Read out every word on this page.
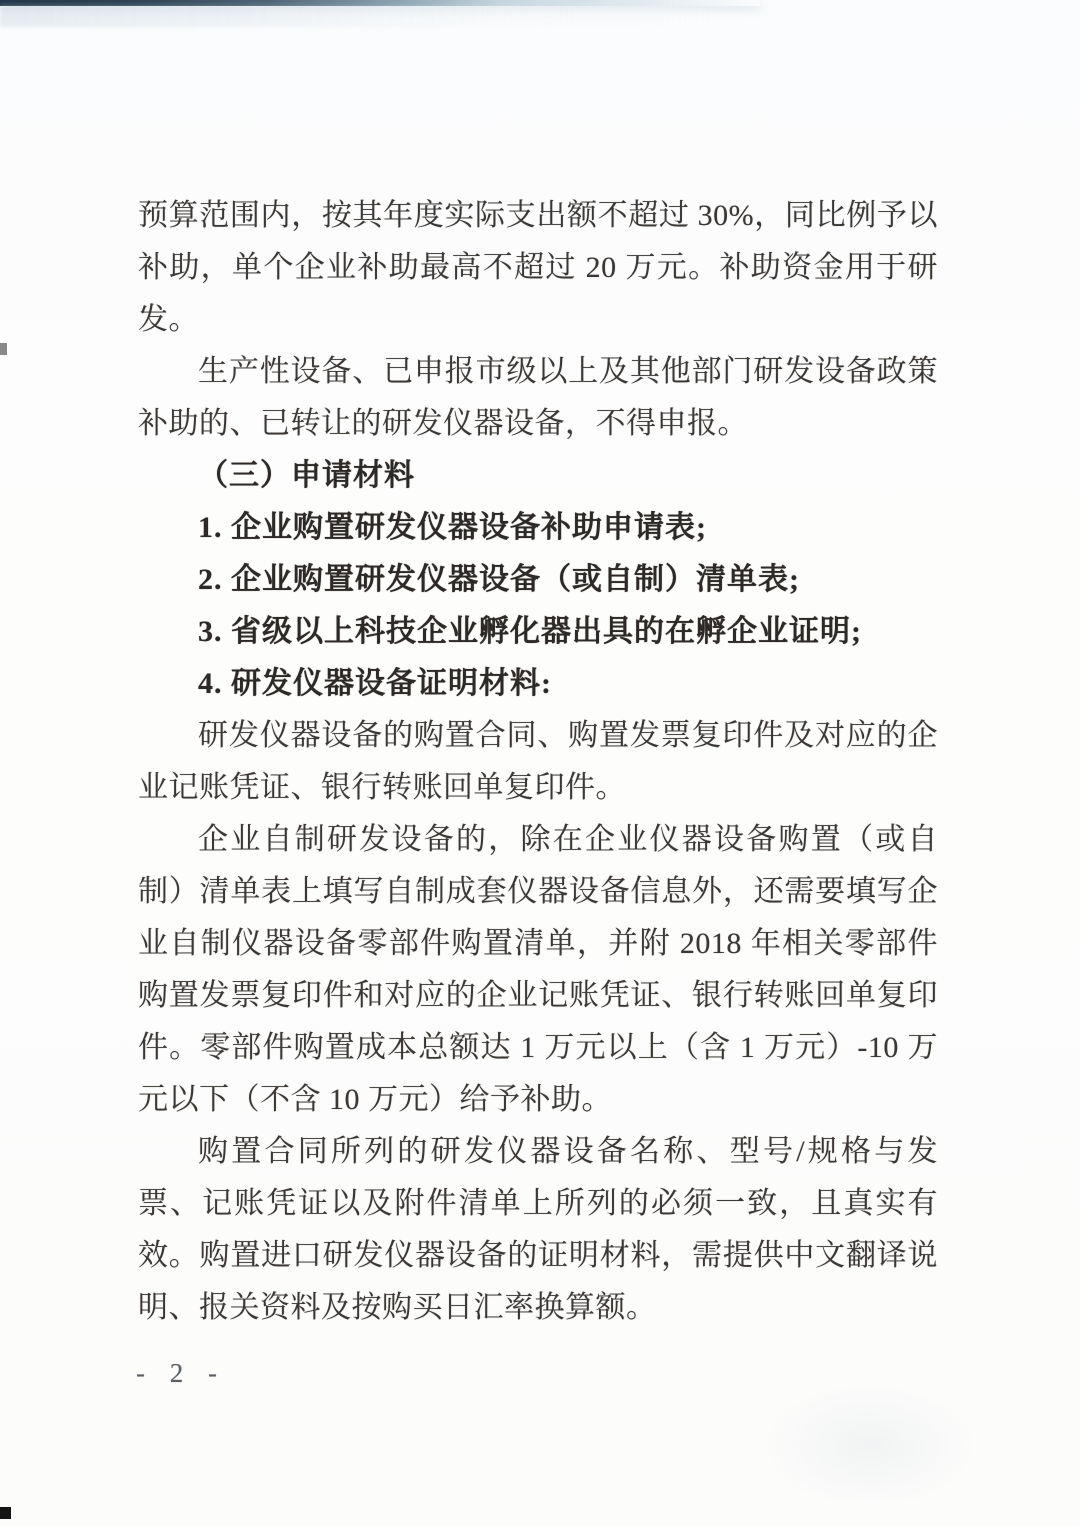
预算范围内，按其年度实际支出额不超过 30%，同比例予以补助，单个企业补助最高不超过 20 万元。补助资金用于研发。

生产性设备、已申报市级以上及其他部门研发设备政策补助的、已转让的研发仪器设备，不得申报。

（三）申请材料

1. 企业购置研发仪器设备补助申请表;

2. 企业购置研发仪器设备（或自制）清单表;

3. 省级以上科技企业孵化器出具的在孵企业证明;

4. 研发仪器设备证明材料:

研发仪器设备的购置合同、购置发票复印件及对应的企业记账凭证、银行转账回单复印件。

企业自制研发设备的，除在企业仪器设备购置（或自制）清单表上填写自制成套仪器设备信息外，还需要填写企业自制仪器设备零部件购置清单，并附 2018 年相关零部件购置发票复印件和对应的企业记账凭证、银行转账回单复印件。零部件购置成本总额达 1 万元以上（含 1 万元）-10 万元以下（不含 10 万元）给予补助。

购置合同所列的研发仪器设备名称、型号/规格与发票、记账凭证以及附件清单上所列的必须一致，且真实有效。购置进口研发仪器设备的证明材料，需提供中文翻译说明、报关资料及按购买日汇率换算额。

- 2 -
